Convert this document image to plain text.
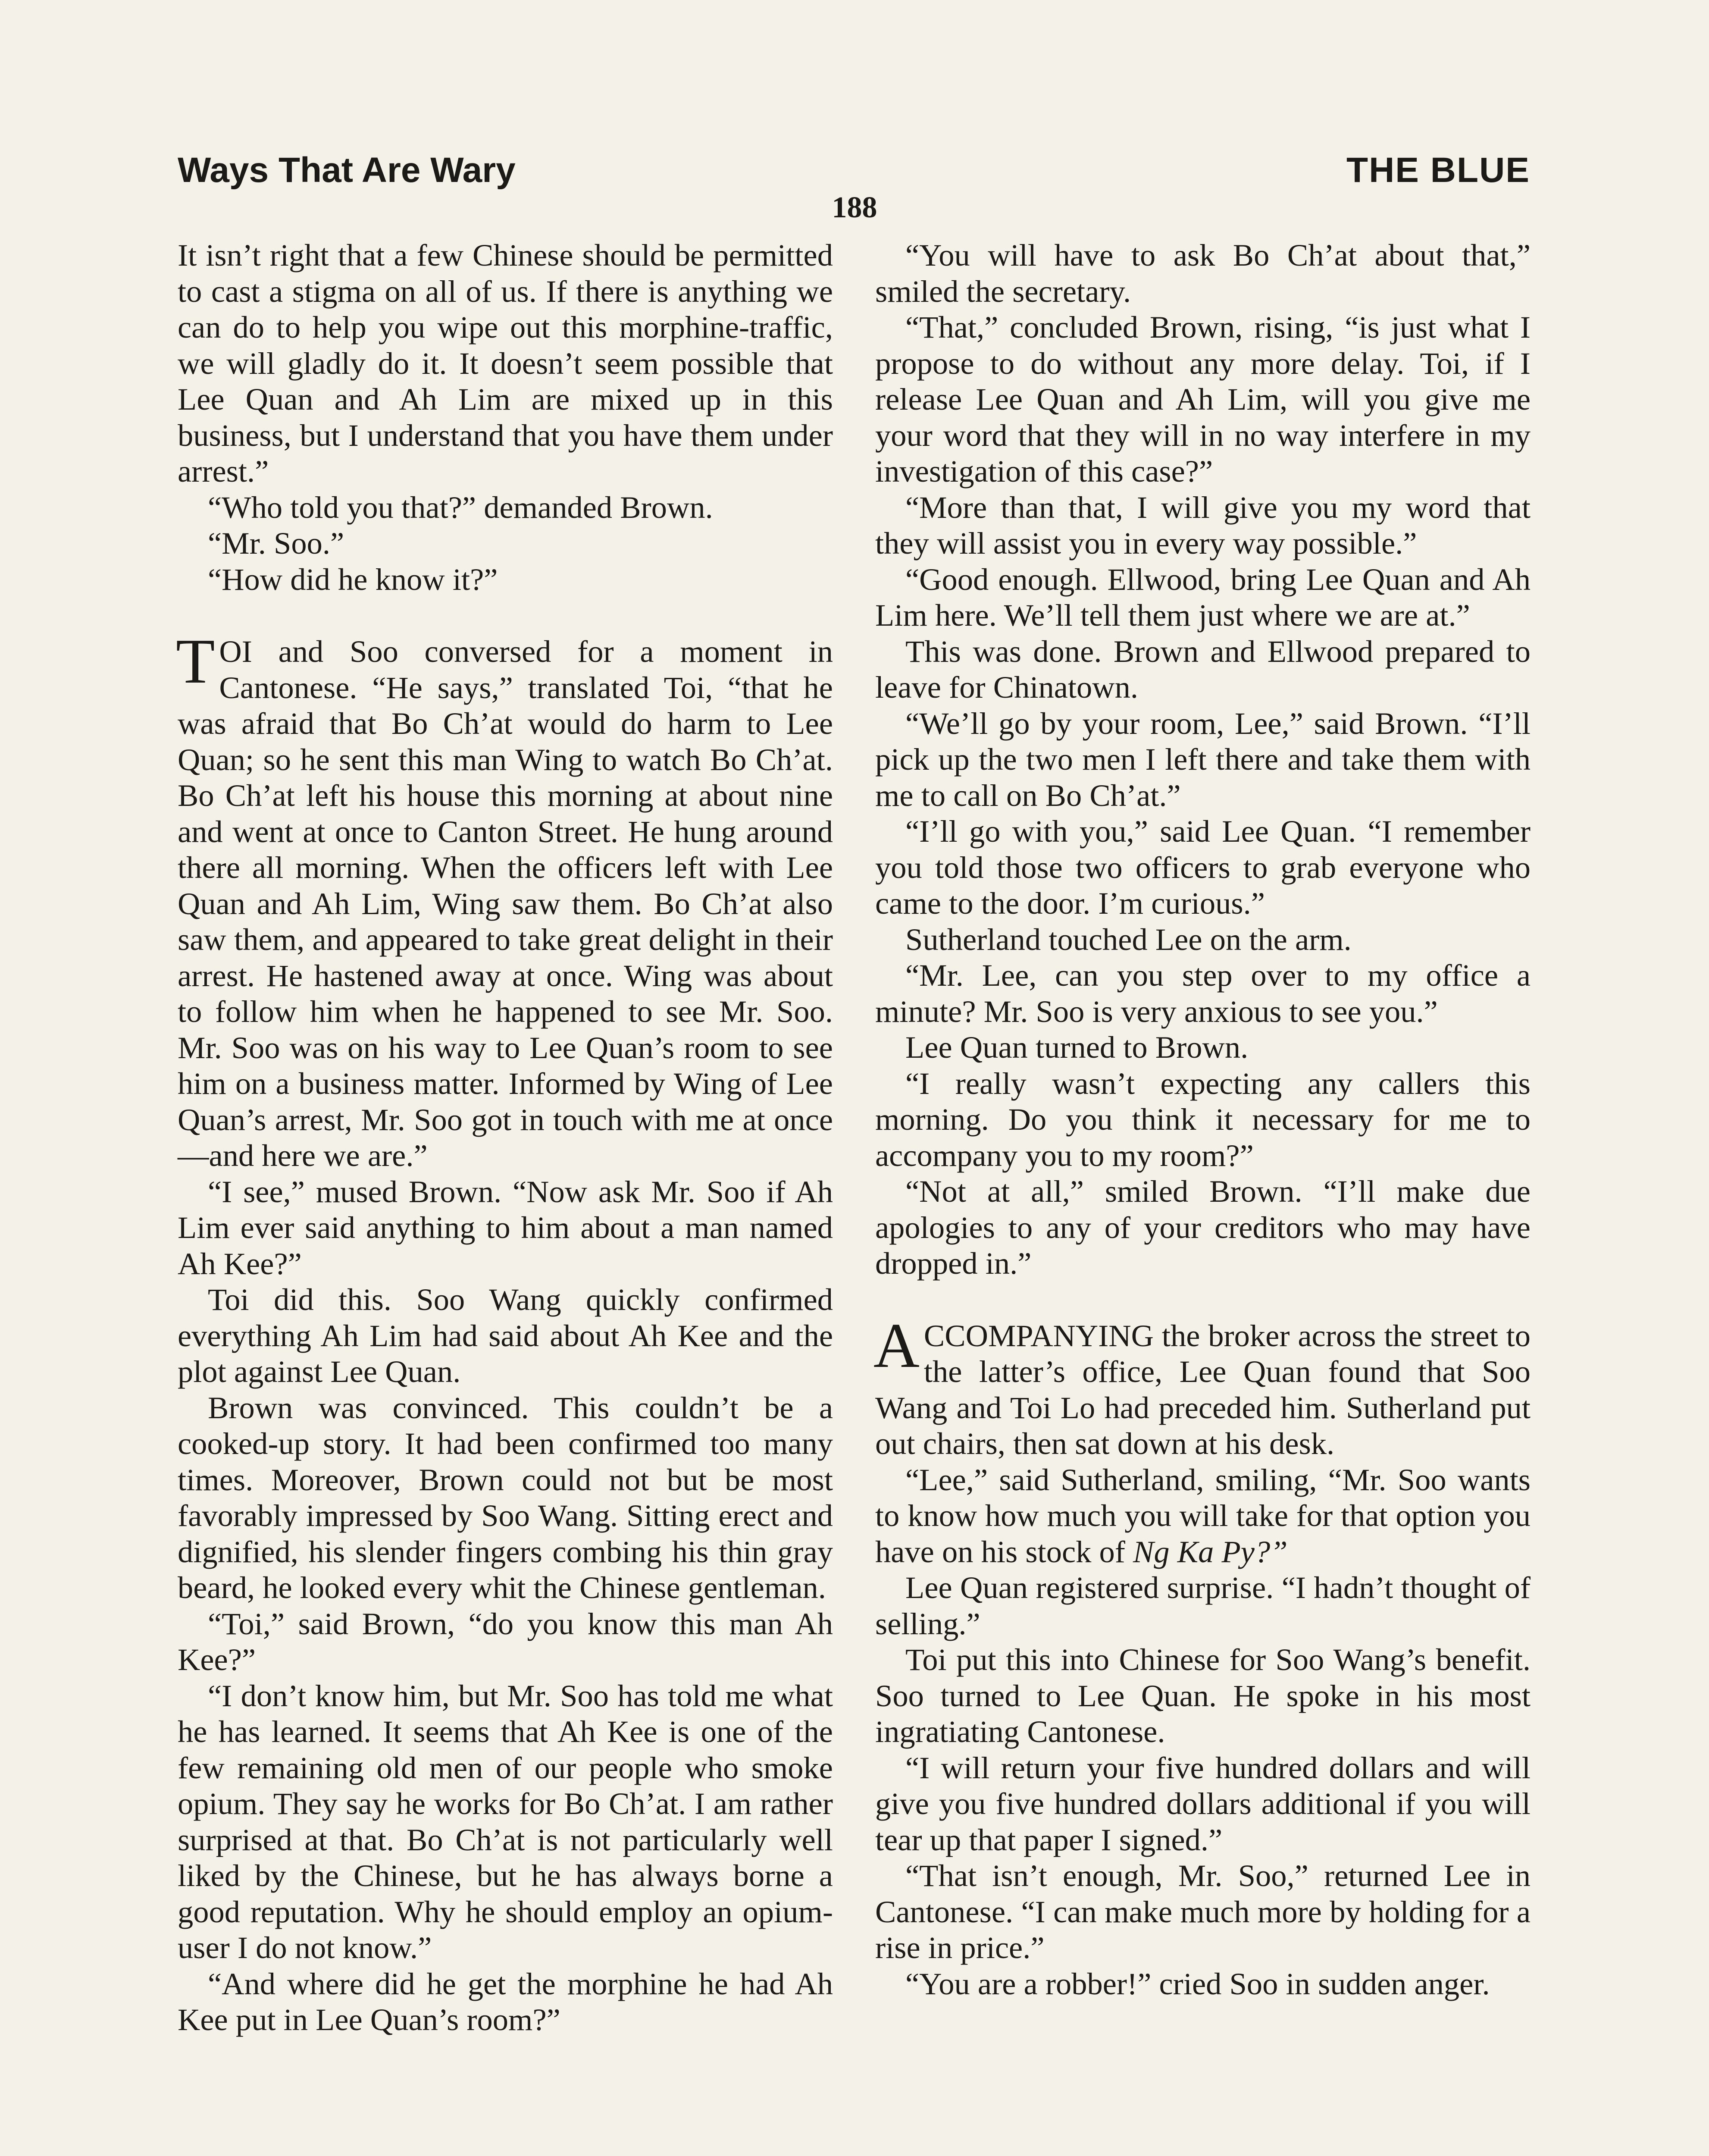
Ways That Are Wary	THE BLUE
188

It isn’t right that a few Chinese should be permitted to cast a stigma on all of us. If there is anything we can do to help you wipe out this morphine-traffic, we will gladly do it. It doesn’t seem possible that Lee Quan and Ah Lim are mixed up in this business, but I understand that you have them under arrest.”

“Who told you that?” demanded Brown.

“Mr. Soo.”

“How did he know it?”

TOI and Soo conversed for a moment in Cantonese. “He says,” translated Toi, “that he was afraid that Bo Ch’at would do harm to Lee Quan; so he sent this man Wing to watch Bo Ch’at. Bo Ch’at left his house this morning at about nine and went at once to Canton Street. He hung around there all morning. When the officers left with Lee Quan and Ah Lim, Wing saw them. Bo Ch’at also saw them, and appeared to take great delight in their arrest. He hastened away at once. Wing was about to follow him when he happened to see Mr. Soo. Mr. Soo was on his way to Lee Quan’s room to see him on a business matter. Informed by Wing of Lee Quan’s arrest, Mr. Soo got in touch with me at once—and here we are.”

“I see,” mused Brown. “Now ask Mr. Soo if Ah Lim ever said anything to him about a man named Ah Kee?”

Toi did this. Soo Wang quickly confirmed everything Ah Lim had said about Ah Kee and the plot against Lee Quan.

Brown was convinced. This couldn’t be a cooked-up story. It had been confirmed too many times. Moreover, Brown could not but be most favorably impressed by Soo Wang. Sitting erect and dignified, his slender fingers combing his thin gray beard, he looked every whit the Chinese gentleman.

“Toi,” said Brown, “do you know this man Ah Kee?”

“I don’t know him, but Mr. Soo has told me what he has learned. It seems that Ah Kee is one of the few remaining old men of our people who smoke opium. They say he works for Bo Ch’at. I am rather surprised at that. Bo Ch’at is not particularly well liked by the Chinese, but he has always borne a good reputation. Why he should employ an opium-user I do not know.”

“And where did he get the morphine he had Ah Kee put in Lee Quan’s room?”

“You will have to ask Bo Ch’at about that,” smiled the secretary.

“That,” concluded Brown, rising, “is just what I propose to do without any more delay. Toi, if I release Lee Quan and Ah Lim, will you give me your word that they will in no way interfere in my investigation of this case?”

“More than that, I will give you my word that they will assist you in every way possible.”

“Good enough. Ellwood, bring Lee Quan and Ah Lim here. We’ll tell them just where we are at.”

This was done. Brown and Ellwood prepared to leave for Chinatown.

“We’ll go by your room, Lee,” said Brown. “I’ll pick up the two men I left there and take them with me to call on Bo Ch’at.”

“I’ll go with you,” said Lee Quan. “I remember you told those two officers to grab everyone who came to the door. I’m curious.”

Sutherland touched Lee on the arm.

“Mr. Lee, can you step over to my office a minute? Mr. Soo is very anxious to see you.”

Lee Quan turned to Brown.

“I really wasn’t expecting any callers this morning. Do you think it necessary for me to accompany you to my room?”

“Not at all,” smiled Brown. “I’ll make due apologies to any of your creditors who may have dropped in.”

ACCOMPANYING the broker across the street to the latter’s office, Lee Quan found that Soo Wang and Toi Lo had preceded him. Sutherland put out chairs, then sat down at his desk.

“Lee,” said Sutherland, smiling, “Mr. Soo wants to know how much you will take for that option you have on his stock of Ng Ka Py?”

Lee Quan registered surprise. “I hadn’t thought of selling.”

Toi put this into Chinese for Soo Wang’s benefit. Soo turned to Lee Quan. He spoke in his most ingratiating Cantonese.

“I will return your five hundred dollars and will give you five hundred dollars additional if you will tear up that paper I signed.”

“That isn’t enough, Mr. Soo,” returned Lee in Cantonese. “I can make much more by holding for a rise in price.”

“You are a robber!” cried Soo in sudden anger.
